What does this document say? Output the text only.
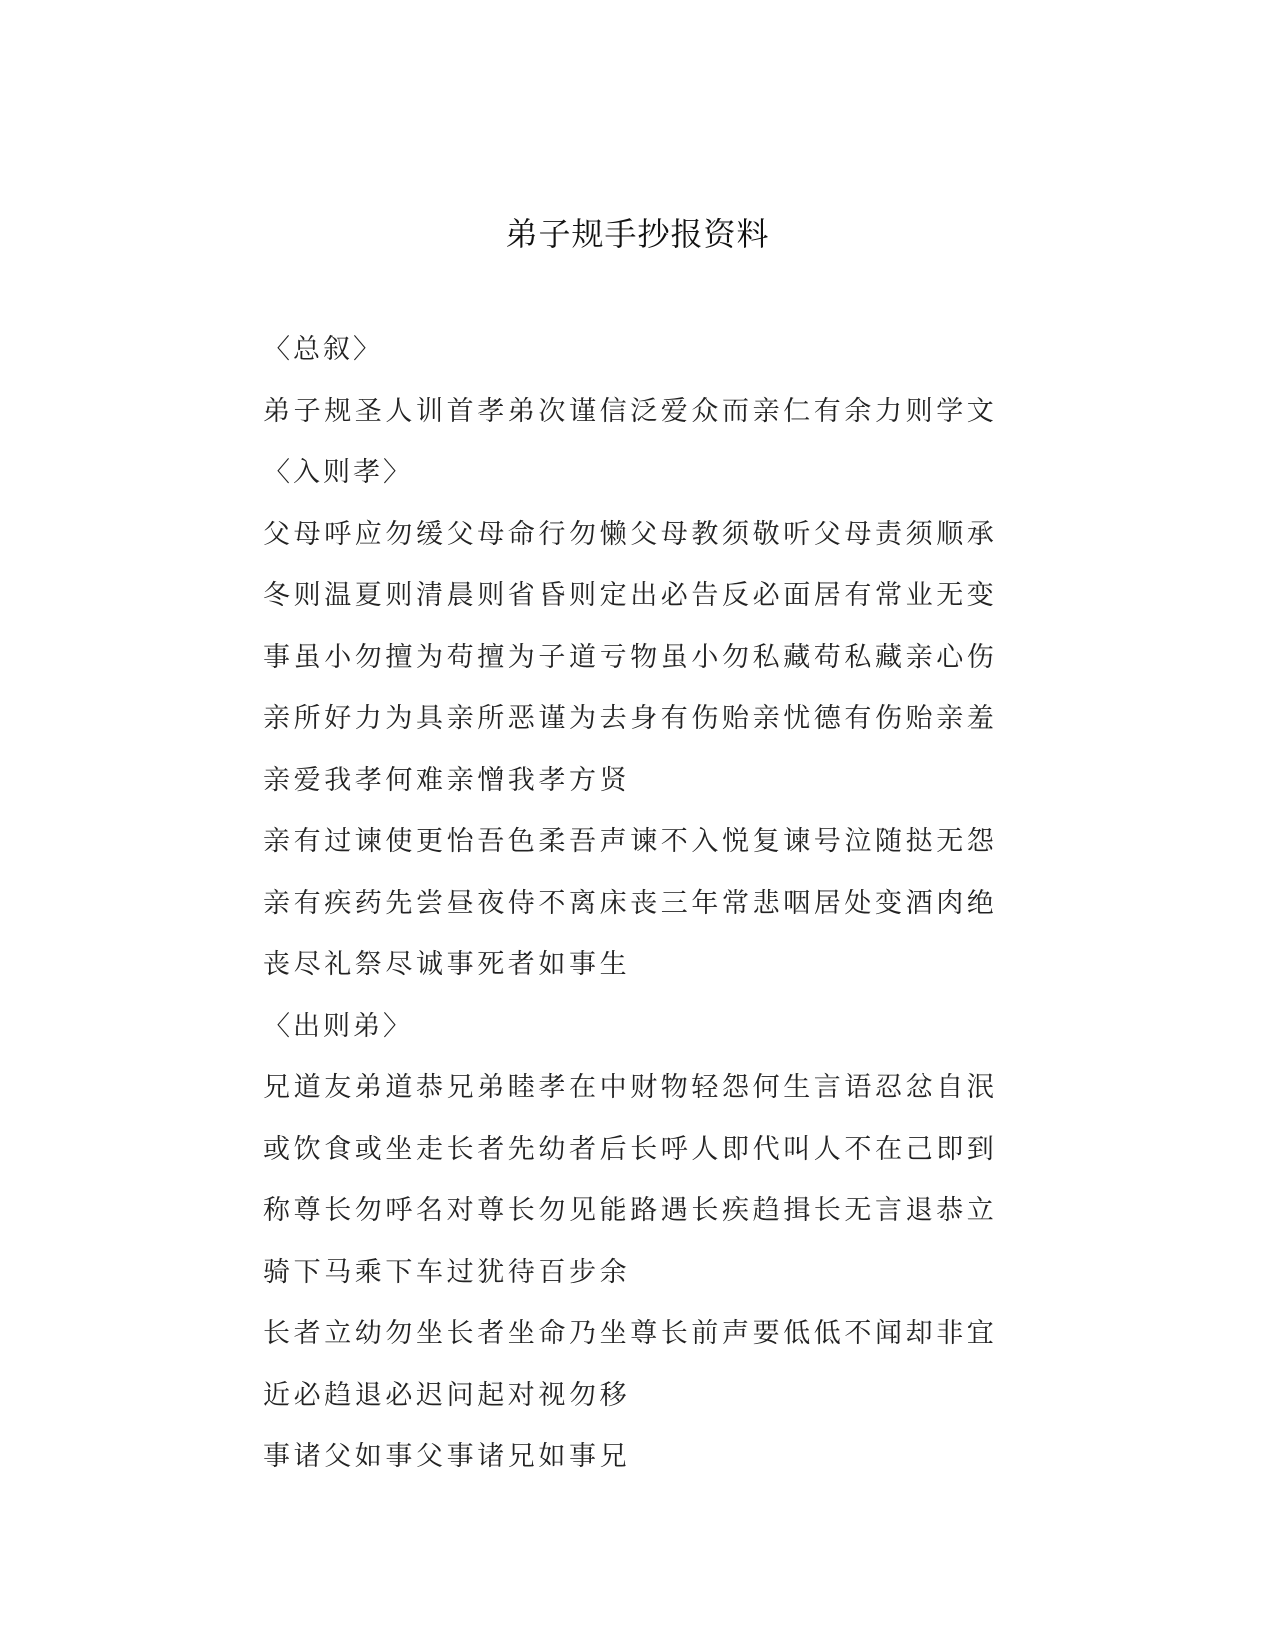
弟子规手抄报资料
〈总叙〉
弟子规圣人训首孝弟次谨信泛爱众而亲仁有余力则学文
〈入则孝〉
父母呼应勿缓父母命行勿懒父母教须敬听父母责须顺承
冬则温夏则清晨则省昏则定出必告反必面居有常业无变
事虽小勿擅为苟擅为子道亏物虽小勿私藏苟私藏亲心伤
亲所好力为具亲所恶谨为去身有伤贻亲忧德有伤贻亲羞
亲爱我孝何难亲憎我孝方贤
亲有过谏使更怡吾色柔吾声谏不入悦复谏号泣随挞无怨
亲有疾药先尝昼夜侍不离床丧三年常悲咽居处变酒肉绝
丧尽礼祭尽诚事死者如事生
〈出则弟〉
兄道友弟道恭兄弟睦孝在中财物轻怨何生言语忍忿自泯
或饮食或坐走长者先幼者后长呼人即代叫人不在己即到
称尊长勿呼名对尊长勿见能路遇长疾趋揖长无言退恭立
骑下马乘下车过犹待百步余
长者立幼勿坐长者坐命乃坐尊长前声要低低不闻却非宜
近必趋退必迟问起对视勿移
事诸父如事父事诸兄如事兄
